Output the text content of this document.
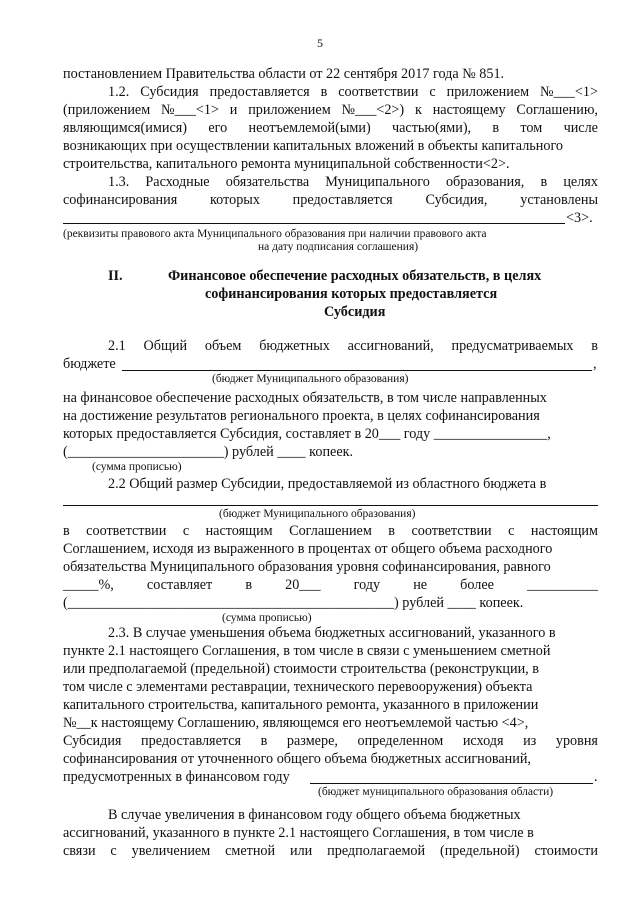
5
постановлением Правительства области от 22 сентября 2017 года № 851.
1.2. Субсидия предоставляется в соответствии с приложением №___<1>
(приложением №___<1> и приложением №___<2>) к настоящему Соглашению,
являющимся(имися) его неотъемлемой(ыми) частью(ями), в том числе
возникающих при осуществлении капитальных вложений в объекты капитального
строительства, капитального ремонта муниципальной собственности<2>.
1.3. Расходные обязательства Муниципального образования, в целях
софинансирования которых предоставляется Субсидия, установлены
<3>.
(реквизиты правового акта Муниципального образования при наличии правового акта
на дату подписания соглашения)
II.	Финансовое обеспечение расходных обязательств, в целях
софинансирования которых предоставляется
Субсидия
2.1 Общий объем бюджетных ассигнований, предусматриваемых в
бюджете	,
(бюджет Муниципального образования)
на финансовое обеспечение расходных обязательств, в том числе направленных
на достижение результатов регионального проекта, в целях софинансирования
которых предоставляется Субсидия, составляет в 20___ году ________________,
(______________________) рублей ____ копеек.
(сумма прописью)
2.2 Общий размер Субсидии, предоставляемой из областного бюджета в
(бюджет Муниципального образования)
в соответствии с настоящим Соглашением в соответствии с настоящим
Соглашением, исходя из выраженного в процентах от общего объема расходного
обязательства Муниципального образования уровня софинансирования, равного
_____%, составляет в 20___ году не более __________
(______________________________________________) рублей ____ копеек.
(сумма прописью)
2.3. В случае уменьшения объема бюджетных ассигнований, указанного в
пункте 2.1 настоящего Соглашения, в том числе в связи с уменьшением сметной
или предполагаемой (предельной) стоимости строительства (реконструкции, в
том числе с элементами реставрации, технического перевооружения) объекта
капитального строительства, капитального ремонта, указанного в приложении
№__к настоящему Соглашению, являющемся его неотъемлемой частью <4>,
Субсидия предоставляется в размере, определенном исходя из уровня
софинансирования от уточненного общего объема бюджетных ассигнований,
предусмотренных в финансовом году	.
(бюджет муниципального образования области)
В случае увеличения в финансовом году общего объема бюджетных
ассигнований, указанного в пункте 2.1 настоящего Соглашения, в том числе в
связи с увеличением сметной или предполагаемой (предельной) стоимости
